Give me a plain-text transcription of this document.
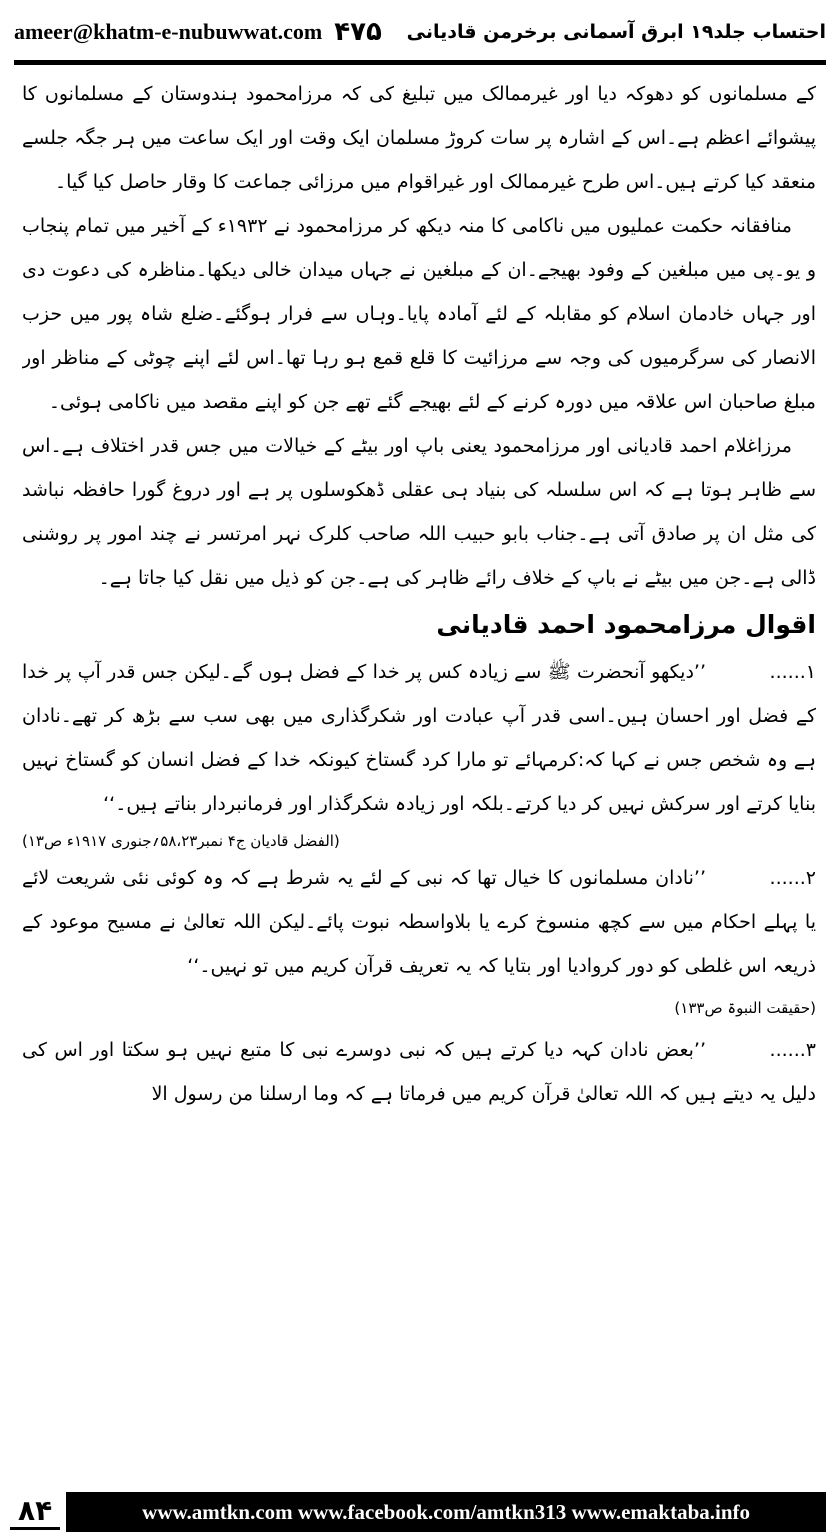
ameer@khatm-e-nubuwwat.com ۴۷۵ احتساب جلد۱۹ ابرق آسمانی برخرمن قادیانی

کے مسلمانوں کو دھوکہ دیا اور غیرممالک میں تبلیغ کی کہ مرزامحمود ہندوستان کے مسلمانوں کا پیشوائے اعظم ہے۔اس کے اشارہ پر سات کروڑ مسلمان ایک وقت اور ایک ساعت میں ہر جگہ جلسے منعقد کیا کرتے ہیں۔اس طرح غیرممالک اور غیراقوام میں مرزائی جماعت کا وقار حاصل کیا گیا۔

منافقانہ حکمت عملیوں میں ناکامی کا منہ دیکھ کر مرزامحمود نے ۱۹۳۲ء کے آخیر میں تمام پنجاب و یو۔پی میں مبلغین کے وفود بھیجے۔ان کے مبلغین نے جہاں میدان خالی دیکھا۔مناظرہ کی دعوت دی اور جہاں خادمان اسلام کو مقابلہ کے لئے آمادہ پایا۔وہاں سے فرار ہوگئے۔ضلع شاہ پور میں حزب الانصار کی سرگرمیوں کی وجہ سے مرزائیت کا قلع قمع ہو رہا تھا۔اس لئے اپنے چوٹی کے مناظر اور مبلغ صاحبان اس علاقہ میں دورہ کرنے کے لئے بھیجے گئے تھے جن کو اپنے مقصد میں ناکامی ہوئی۔

مرزاغلام احمد قادیانی اور مرزامحمود یعنی باپ اور بیٹے کے خیالات میں جس قدر اختلاف ہے۔اس سے ظاہر ہوتا ہے کہ اس سلسلہ کی بنیاد ہی عقلی ڈھکوسلوں پر ہے اور دروغ گورا حافظہ نباشد کی مثل ان پر صادق آتی ہے۔جناب بابو حبیب اللہ صاحب کلرک نہر امرتسر نے چند امور پر روشنی ڈالی ہے۔جن میں بیٹے نے باپ کے خلاف رائے ظاہر کی ہے۔جن کو ذیل میں نقل کیا جاتا ہے۔

اقوال مرزامحمود احمد قادیانی

۱......’’دیکھو آنحضرت ﷺ سے زیادہ کس پر خدا کے فضل ہوں گے۔لیکن جس قدر آپ پر خدا کے فضل اور احسان ہیں۔اسی قدر آپ عبادت اور شکرگذاری میں بھی سب سے بڑھ کر تھے۔نادان ہے وہ شخص جس نے کہا کہ:کرمہائے تو مارا کرد گستاخ کیونکہ خدا کے فضل انسان کو گستاخ نہیں بنایا کرتے اور سرکش نہیں کر دیا کرتے۔بلکہ اور زیادہ شکرگذار اور فرمانبردار بناتے ہیں۔‘‘

(الفضل قادیان ج۴ نمبر۵۸،۲۳؍جنوری ۱۹۱۷ء ص۱۳)

۲......’’نادان مسلمانوں کا خیال تھا کہ نبی کے لئے یہ شرط ہے کہ وہ کوئی نئی شریعت لائے یا پہلے احکام میں سے کچھ منسوخ کرے یا بلاواسطہ نبوت پائے۔لیکن اللہ تعالیٰ نے مسیح موعود کے ذریعہ اس غلطی کو دور کروادیا اور بتایا کہ یہ تعریف قرآن کریم میں تو نہیں۔‘‘

(حقیقت النبوۃ ص۱۳۳)

۳......’’بعض نادان کہہ دیا کرتے ہیں کہ نبی دوسرے نبی کا متبع نہیں ہو سکتا اور اس کی دلیل یہ دیتے ہیں کہ اللہ تعالیٰ قرآن کریم میں فرماتا ہے کہ وما ارسلنا من رسول الا

۸۴	www.amtkn.com www.facebook.com/amtkn313 www.emaktaba.info
